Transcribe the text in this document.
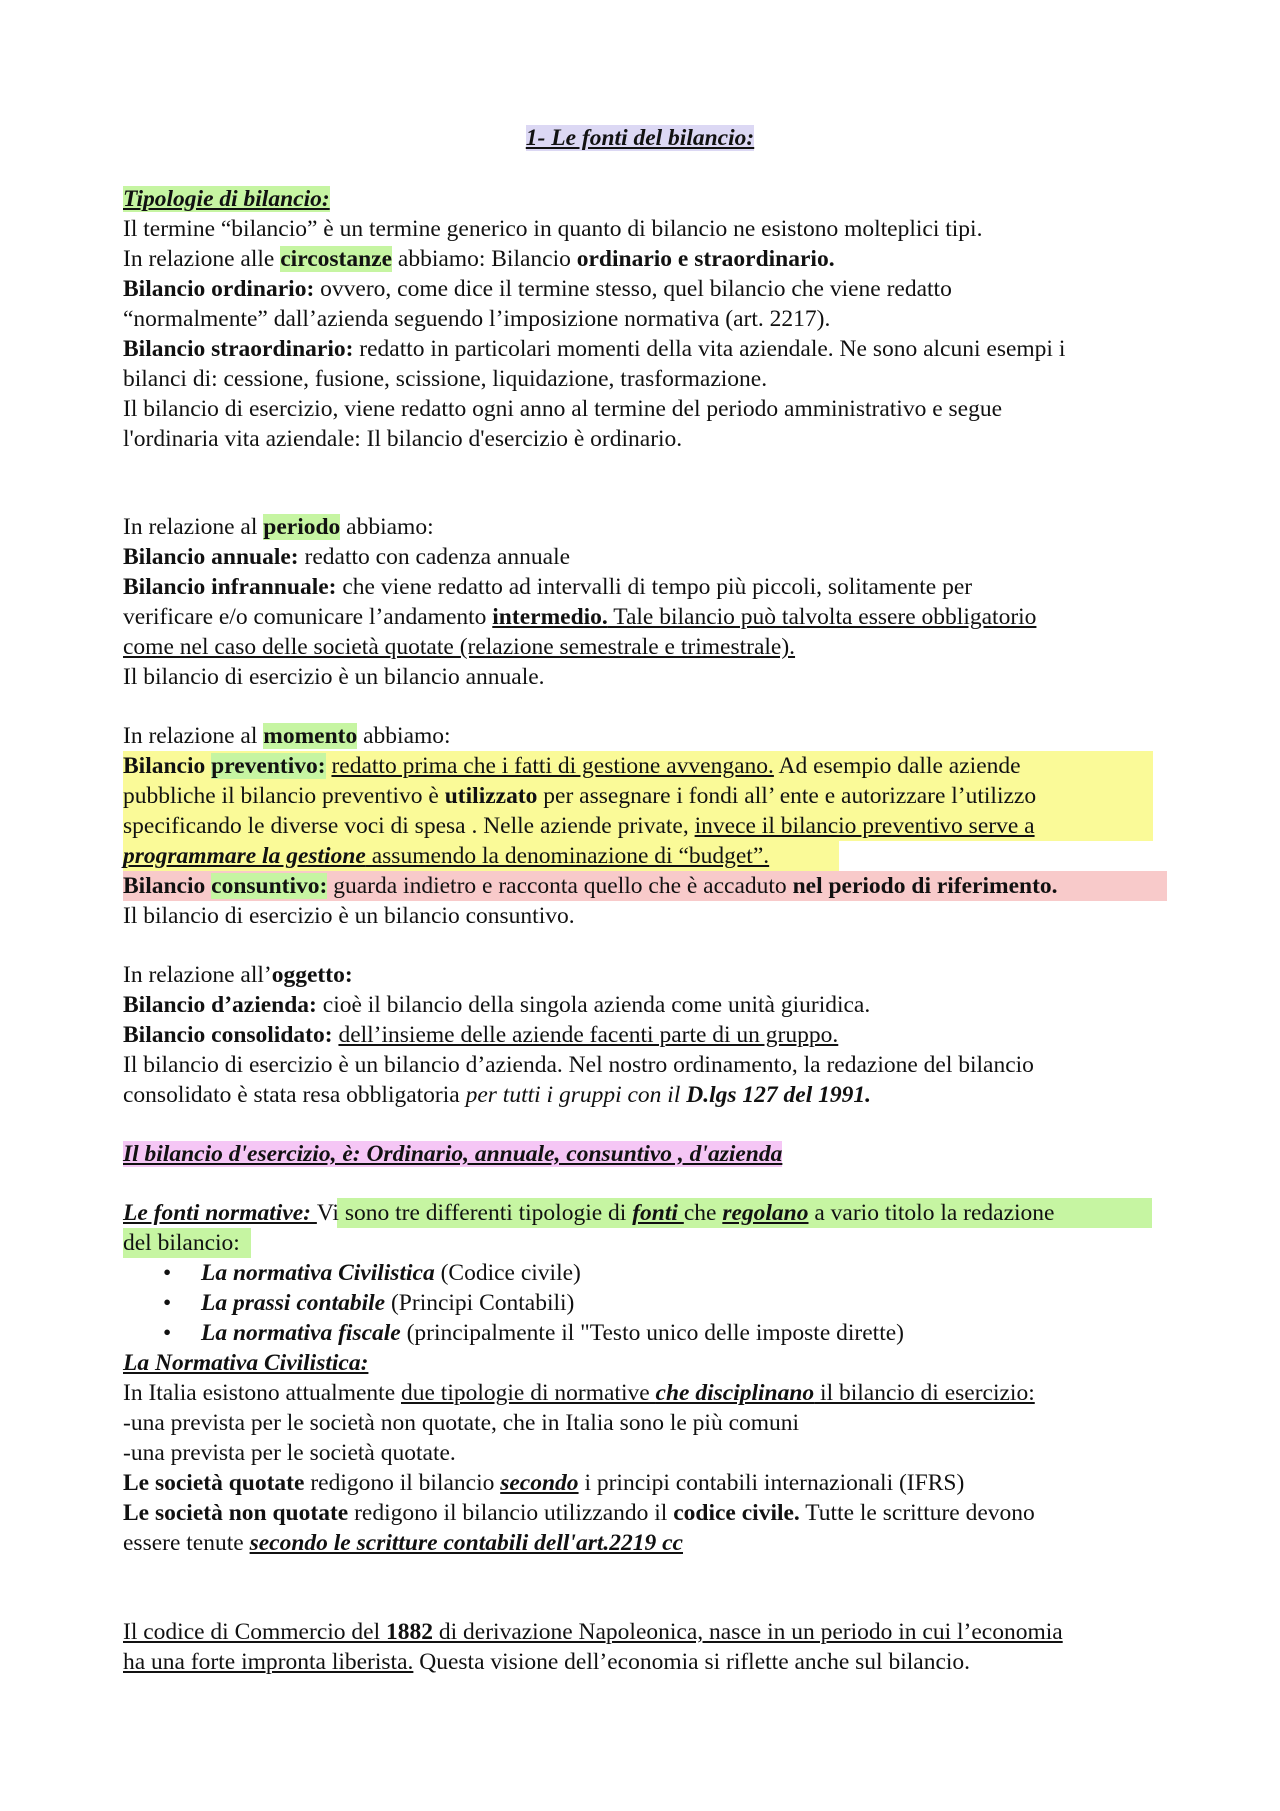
1- Le fonti del bilancio:
Tipologie di bilancio:
Il termine “bilancio” è un termine generico in quanto di bilancio ne esistono molteplici tipi.
In relazione alle circostanze abbiamo: Bilancio ordinario e straordinario.
Bilancio ordinario: ovvero, come dice il termine stesso, quel bilancio che viene redatto
“normalmente” dall’azienda seguendo l’imposizione normativa (art. 2217).
Bilancio straordinario: redatto in particolari momenti della vita aziendale. Ne sono alcuni esempi i
bilanci di: cessione, fusione, scissione, liquidazione, trasformazione.
Il bilancio di esercizio, viene redatto ogni anno al termine del periodo amministrativo e segue
l'ordinaria vita aziendale: Il bilancio d'esercizio è ordinario.
In relazione al periodo abbiamo:
Bilancio annuale: redatto con cadenza annuale
Bilancio infrannuale: che viene redatto ad intervalli di tempo più piccoli, solitamente per
verificare e/o comunicare l’andamento intermedio. Tale bilancio può talvolta essere obbligatorio
come nel caso delle società quotate (relazione semestrale e trimestrale).
Il bilancio di esercizio è un bilancio annuale.
In relazione al momento abbiamo:
Bilancio preventivo: redatto prima che i fatti di gestione avvengano. Ad esempio dalle aziende
pubbliche il bilancio preventivo è utilizzato per assegnare i fondi all’ ente e autorizzare l’utilizzo
specificando le diverse voci di spesa . Nelle aziende private, invece il bilancio preventivo serve a
programmare la gestione assumendo la denominazione di “budget”.
Bilancio consuntivo: guarda indietro e racconta quello che è accaduto nel periodo di riferimento.
Il bilancio di esercizio è un bilancio consuntivo.
In relazione all’oggetto:
Bilancio d’azienda: cioè il bilancio della singola azienda come unità giuridica.
Bilancio consolidato: dell’insieme delle aziende facenti parte di un gruppo.
Il bilancio di esercizio è un bilancio d’azienda. Nel nostro ordinamento, la redazione del bilancio
consolidato è stata resa obbligatoria per tutti i gruppi con il D.lgs 127 del 1991.
Il bilancio d'esercizio, è: Ordinario, annuale, consuntivo , d'azienda
Le fonti normative: Vi sono tre differenti tipologie di fonti che regolano a vario titolo la redazione
del bilancio:
• La normativa Civilistica (Codice civile)
• La prassi contabile (Principi Contabili)
• La normativa fiscale (principalmente il "Testo unico delle imposte dirette)
La Normativa Civilistica:
In Italia esistono attualmente due tipologie di normative che disciplinano il bilancio di esercizio:
-una prevista per le società non quotate, che in Italia sono le più comuni
-una prevista per le società quotate.
Le società quotate redigono il bilancio secondo i principi contabili internazionali (IFRS)
Le società non quotate redigono il bilancio utilizzando il codice civile. Tutte le scritture devono
essere tenute secondo le scritture contabili dell'art.2219 cc
Il codice di Commercio del 1882 di derivazione Napoleonica, nasce in un periodo in cui l’economia
ha una forte impronta liberista. Questa visione dell’economia si riflette anche sul bilancio.
